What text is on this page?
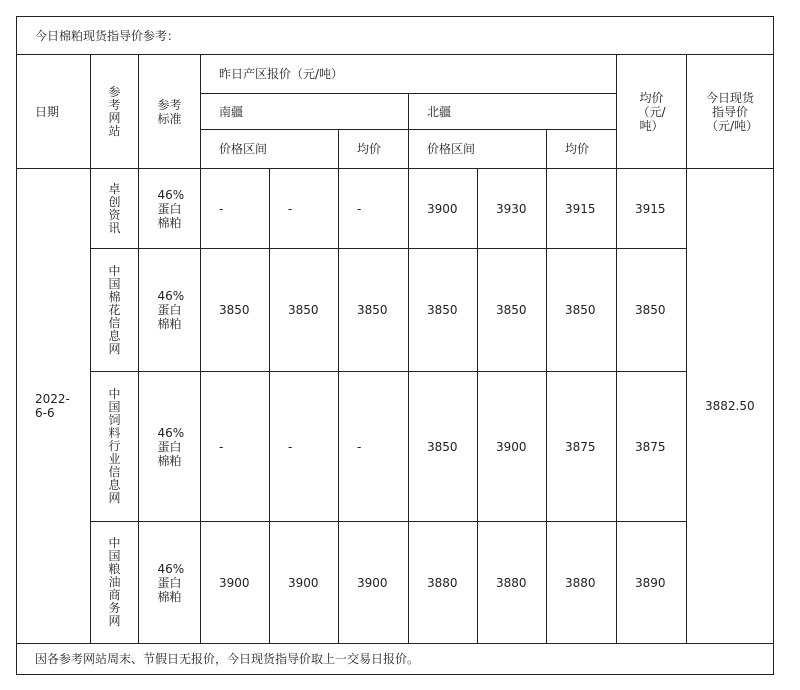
今日棉粕现货指导价参考：										
日期	参考网站	参考标准	昨日产区报价（元/吨）						均价（元/吨）	今日现货指导价（元/吨）

			南疆			北疆				
			价格区间		均价	价格区间		均价		

2022-6-6	卓创资讯	46%蛋白棉粕	-	-	-	3900	3930	3915	3915	3882.50

	中国棉花信息网	46%蛋白棉粕	3850	3850	3850	3850	3850	3850	3850	

	中国饲料行业信息网	46%蛋白棉粕	-	-	-	3850	3900	3875	3875	

	中国粮油商务网	46%蛋白棉粕	3900	3900	3900	3880	3880	3880	3890	
因各参考网站周末、节假日无报价，今日现货指导价取上一交易日报价。										
